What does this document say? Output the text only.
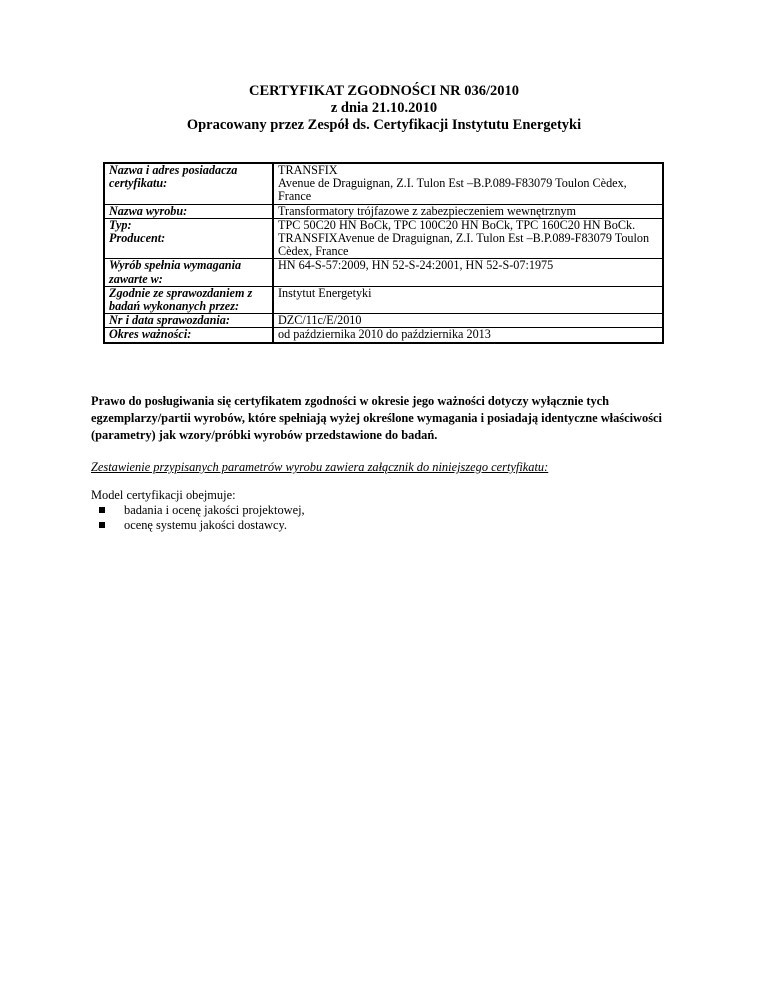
CERTYFIKAT ZGODNOŚCI NR 036/2010
z dnia 21.10.2010
Opracowany przez Zespół ds. Certyfikacji Instytutu Energetyki
Nazwa i adres posiadacza certyfikatu:	TRANSFIX
Avenue de Draguignan, Z.I. Tulon Est –B.P.089-F83079 Toulon Cèdex, France

Nazwa wyrobu:	Transformatory trójfazowe z zabezpieczeniem wewnętrznym
Typ:	TPC 50C20 HN BoCk, TPC 100C20 HN BoCk, TPC 160C20 HN BoCk.
Producent:	TRANSFIXAvenue de Draguignan, Z.I. Tulon Est –B.P.089-F83079 Toulon Cèdex, France
Wyrób spełnia wymagania zawarte w:	HN 64-S-57:2009, HN 52-S-24:2001, HN 52-S-07:1975
Zgodnie ze sprawozdaniem z badań wykonanych przez:	Instytut Energetyki
Nr i data sprawozdania:	DZC/11c/E/2010
Okres ważności:	od października 2010 do października 2013
Prawo do posługiwania się certyfikatem zgodności w okresie jego ważności dotyczy wyłącznie tych egzemplarzy/partii wyrobów, które spełniają wyżej określone wymagania i posiadają identyczne właściwości (parametry) jak wzory/próbki wyrobów przedstawione do badań.
Zestawienie przypisanych parametrów wyrobu zawiera załącznik do niniejszego certyfikatu:
Model certyfikacji obejmuje:
badania i ocenę jakości projektowej,
ocenę systemu jakości dostawcy.
